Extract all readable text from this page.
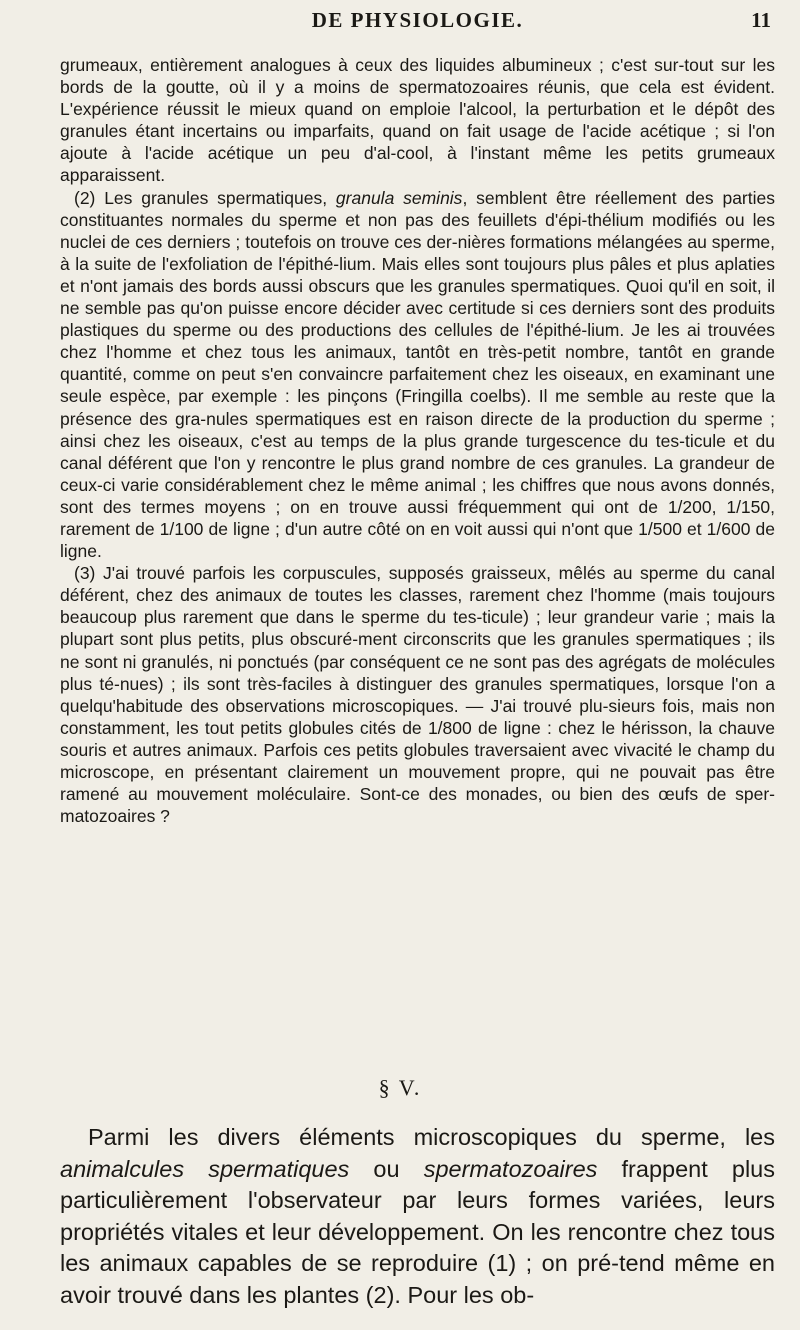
DE PHYSIOLOGIE.	11

grumeaux, entièrement analogues à ceux des liquides albumineux ; c'est sur-tout sur les bords de la goutte, où il y a moins de spermatozoaires réunis, que cela est évident. L'expérience réussit le mieux quand on emploie l'alcool, la perturbation et le dépôt des granules étant incertains ou imparfaits, quand on fait usage de l'acide acétique ; si l'on ajoute à l'acide acétique un peu d'al-cool, à l'instant même les petits grumeaux apparaissent.

(2) Les granules spermatiques, granula seminis, semblent être réellement des parties constituantes normales du sperme et non pas des feuillets d'épi-thélium modifiés ou les nuclei de ces derniers ; toutefois on trouve ces der-nières formations mélangées au sperme, à la suite de l'exfoliation de l'épithé-lium. Mais elles sont toujours plus pâles et plus aplaties et n'ont jamais des bords aussi obscurs que les granules spermatiques. Quoi qu'il en soit, il ne semble pas qu'on puisse encore décider avec certitude si ces derniers sont des produits plastiques du sperme ou des productions des cellules de l'épithé-lium. Je les ai trouvées chez l'homme et chez tous les animaux, tantôt en très-petit nombre, tantôt en grande quantité, comme on peut s'en convaincre parfaitement chez les oiseaux, en examinant une seule espèce, par exemple : les pinçons (Fringilla coelbs). Il me semble au reste que la présence des gra-nules spermatiques est en raison directe de la production du sperme ; ainsi chez les oiseaux, c'est au temps de la plus grande turgescence du tes-ticule et du canal déférent que l'on y rencontre le plus grand nombre de ces granules. La grandeur de ceux-ci varie considérablement chez le même animal ; les chiffres que nous avons donnés, sont des termes moyens ; on en trouve aussi fréquemment qui ont de 1/200, 1/150, rarement de 1/100 de ligne ; d'un autre côté on en voit aussi qui n'ont que 1/500 et 1/600 de ligne.

(3) J'ai trouvé parfois les corpuscules, supposés graisseux, mêlés au sperme du canal déférent, chez des animaux de toutes les classes, rarement chez l'homme (mais toujours beaucoup plus rarement que dans le sperme du tes-ticule) ; leur grandeur varie ; mais la plupart sont plus petits, plus obscuré-ment circonscrits que les granules spermatiques ; ils ne sont ni granulés, ni ponctués (par conséquent ce ne sont pas des agrégats de molécules plus té-nues) ; ils sont très-faciles à distinguer des granules spermatiques, lorsque l'on a quelqu'habitude des observations microscopiques. — J'ai trouvé plu-sieurs fois, mais non constamment, les tout petits globules cités de 1/800 de ligne : chez le hérisson, la chauve souris et autres animaux. Parfois ces petits globules traversaient avec vivacité le champ du microscope, en présentant clairement un mouvement propre, qui ne pouvait pas être ramené au mouvement moléculaire. Sont-ce des monades, ou bien des œufs de sper-matozoaires ?

§ V.

Parmi les divers éléments microscopiques du sperme, les animalcules spermatiques ou spermatozoaires frappent plus particulièrement l'observateur par leurs formes variées, leurs propriétés vitales et leur développement. On les rencontre chez tous les animaux capables de se reproduire (1) ; on pré-tend même en avoir trouvé dans les plantes (2). Pour les ob-
